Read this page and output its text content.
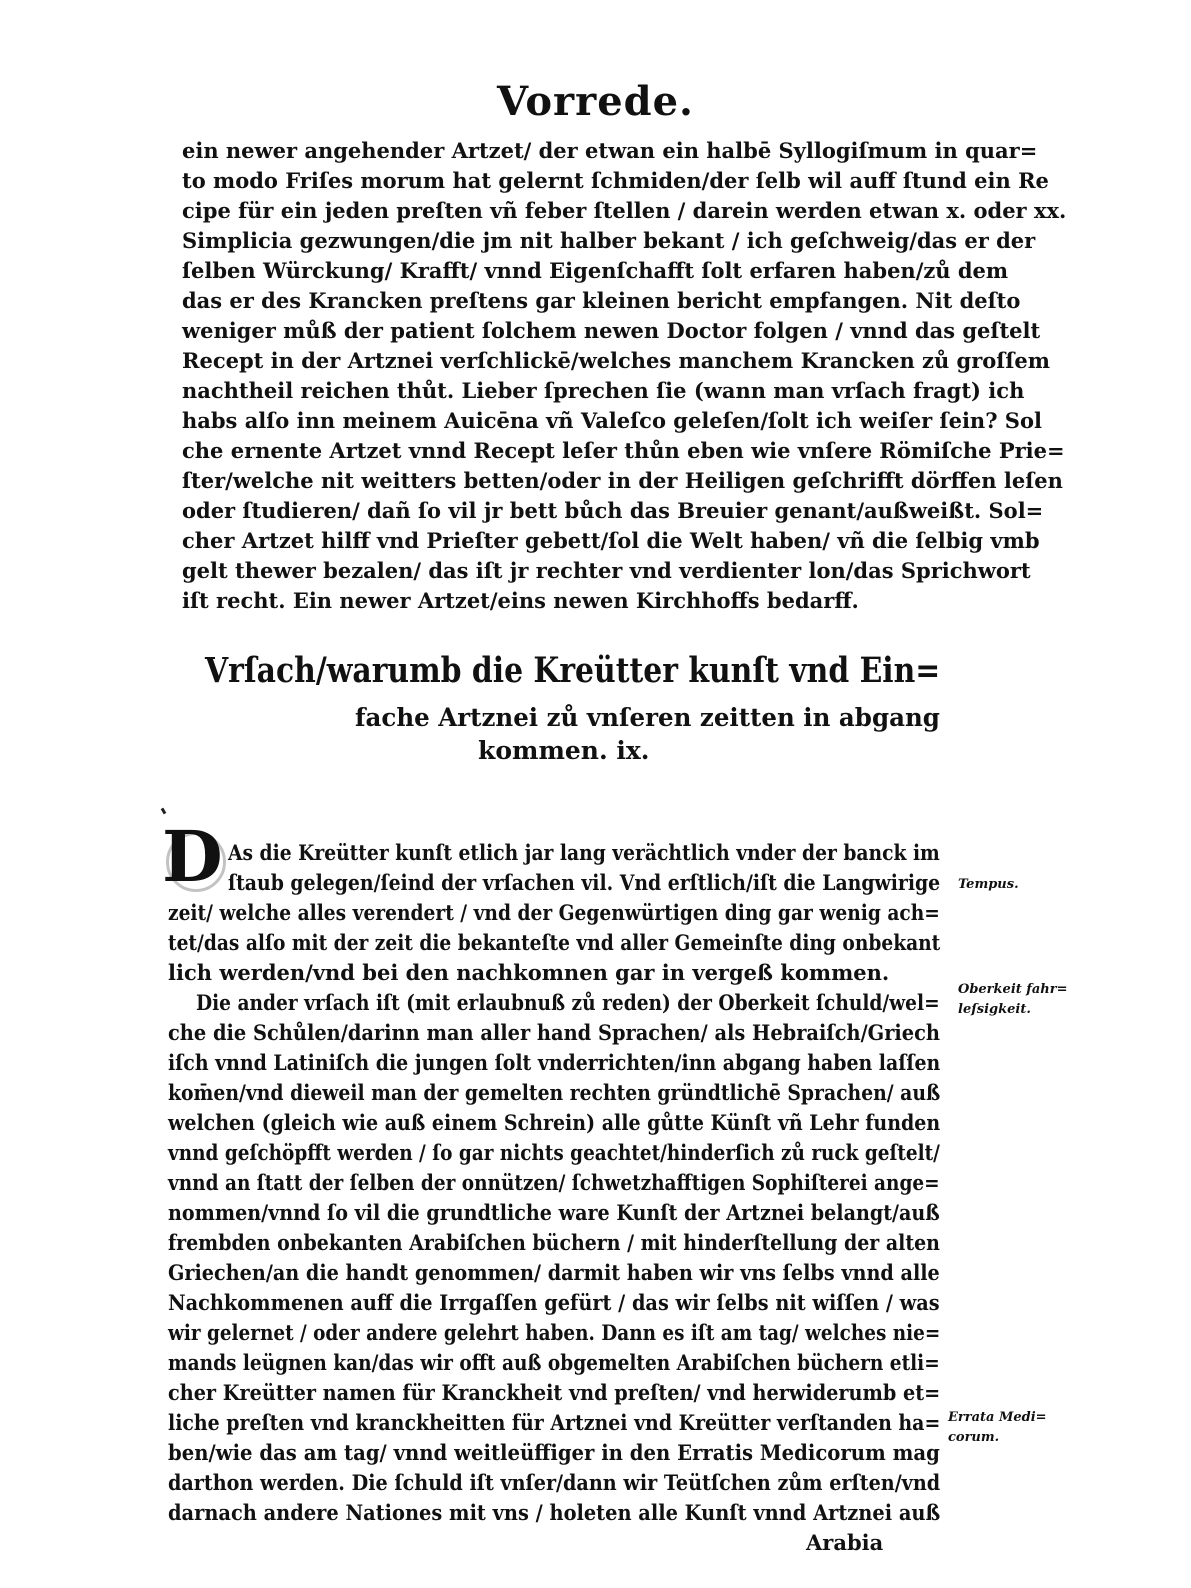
Vorrede.
ein newer angehender Artzet/ der etwan ein halbē Syllogiſmum in quar=
to modo Friſes morum hat gelernt ſchmiden/der ſelb wil auff ſtund ein Re
cipe für ein jeden preſten vñ feber ſtellen / darein werden etwan x. oder xx.
Simplicia gezwungen/die jm nit halber bekant / ich geſchweig/das er der
ſelben Würckung/ Krafft/ vnnd Eigenſchafft ſolt erfaren haben/zů dem
das er des Krancken preſtens gar kleinen bericht empfangen. Nit deſto
weniger můß der patient ſolchem newen Doctor folgen / vnnd das geſtelt
Recept in der Artznei verſchlickē/welches manchem Krancken zů groſſem
nachtheil reichen thůt. Lieber ſprechen ſie (wann man vrſach fragt) ich
habs alſo inn meinem Auicēna vñ Valeſco geleſen/ſolt ich weiſer ſein? Sol
che ernente Artzet vnnd Recept leſer thůn eben wie vnſere Römiſche Prie=
ſter/welche nit weitters betten/oder in der Heiligen geſchrifft dörffen leſen
oder ſtudieren/ dañ ſo vil jr bett bůch das Breuier genant/außweißt. Sol=
cher Artzet hilff vnd Prieſter gebett/ſol die Welt haben/ vñ die ſelbig vmb
gelt thewer bezalen/ das iſt jr rechter vnd verdienter lon/das Sprichwort
iſt recht. Ein newer Artzet/eins newen Kirchhoffs bedarff.
Vrſach/warumb die Kreütter kunſt vnd Ein=
fache Artznei zů vnſeren zeitten in abgang
kommen. ix.
D As die Kreütter kunſt etlich jar lang verächtlich vnder der banck im
ſtaub gelegen/ſeind der vrſachen vil. Vnd erſtlich/iſt die Langwirige
zeit/ welche alles verendert / vnd der Gegenwürtigen ding gar wenig ach=
tet/das alſo mit der zeit die bekanteſte vnd aller Gemeinſte ding onbekant
lich werden/vnd bei den nachkomnen gar in vergeß kommen.
Die ander vrſach iſt (mit erlaubnuß zů reden) der Oberkeit ſchuld/wel=
che die Schůlen/darinn man aller hand Sprachen/ als Hebraiſch/Griech
iſch vnnd Latiniſch die jungen ſolt vnderrichten/inn abgang haben laſſen
kom̄en/vnd dieweil man der gemelten rechten gründtlichē Sprachen/ auß
welchen (gleich wie auß einem Schrein) alle gůtte Künſt vñ Lehr funden
vnnd geſchöpfft werden / ſo gar nichts geachtet/hinderſich zů ruck geſtelt/
vnnd an ſtatt der ſelben der onnützen/ ſchwetzhafftigen Sophiſterei ange=
nommen/vnnd ſo vil die grundtliche ware Kunſt der Artznei belangt/auß
frembden onbekanten Arabiſchen büchern / mit hinderſtellung der alten
Griechen/an die handt genommen/ darmit haben wir vns ſelbs vnnd alle
Nachkommenen auff die Irrgaſſen gefürt / das wir ſelbs nit wiſſen / was
wir gelernet / oder andere gelehrt haben. Dann es iſt am tag/ welches nie=
mands leügnen kan/das wir offt auß obgemelten Arabiſchen büchern etli=
cher Kreütter namen für Kranckheit vnd preſten/ vnd herwiderumb et=
liche preſten vnd kranckheitten für Artznei vnd Kreütter verſtanden ha=
ben/wie das am tag/ vnnd weitleüffiger in den Erratis Medicorum mag
darthon werden. Die ſchuld iſt vnſer/dann wir Teütſchen zům erſten/vnd
darnach andere Nationes mit vns / holeten alle Kunſt vnnd Artznei auß
Arabia
Tempus.
Oberkeit fahr=
leſsigkeit.
Errata Medi=
corum.
